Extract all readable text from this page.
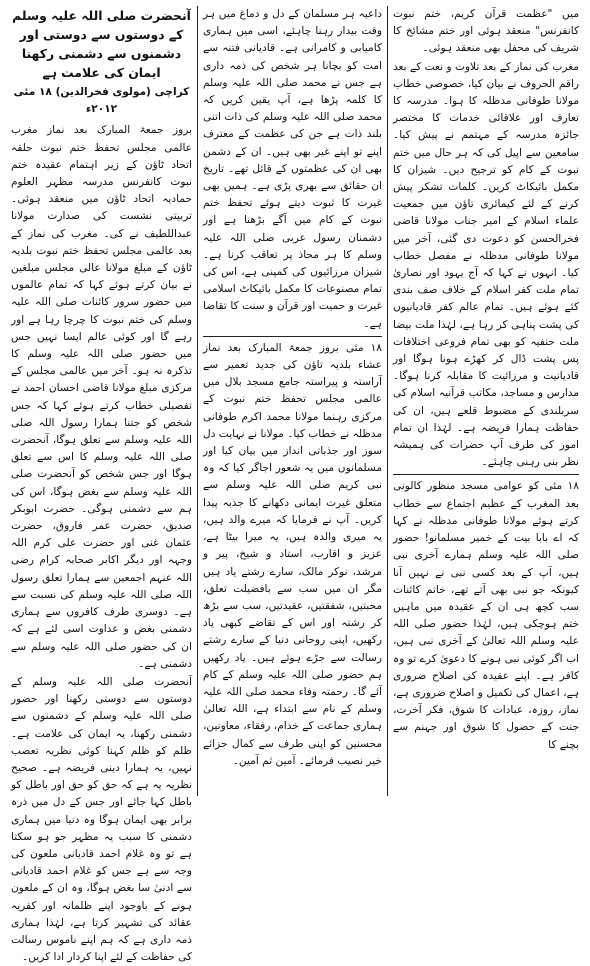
میں "عظمت قرآن کریم، ختم نبوت کانفرنس" منعقد ہوئی اور ختم مشائخ کا شریف کی محفل بھی منعقد ہوئی۔

مغرب کی نماز کے بعد تلاوت و نعت کے بعد راقم الحروف نے بیان کیا، خصوصی خطاب مولانا طوفانی مدظلہ کا ہوا۔ مدرسہ کا تعارف اور علاقائی خدمات کا مختصر جائزہ مدرسہ کے مہتمم نے پیش کیا۔ سامعین سے اپیل کی کہ ہر حال میں ختم نبوت کے کام کو ترجیح دیں۔ شیزان کا مکمل بائیکاٹ کریں۔ کلمات تشکر پیش کرنے کے لئے کیمائری تاؤن میں جمعیت علماء اسلام کے امیر جناب مولانا قاضی فخرالحسن کو دعوت دی گئی، آخر میں مولانا طوفانی مدظلہ نے مفصل خطاب کیا۔ انہوں نے کہا کہ آج یہود اور نصاریٰ تمام ملت کفر اسلام کے خلاف صف بندی کئے ہوئے ہیں۔ تمام عالم کفر قادیانیوں کی پشت پناہی کر رہا ہے، لہٰذا ملت بیضا ملت حنفیہ کو بھی تمام فروعی اختلافات پس پشت ڈال کر کھڑے ہونا ہوگا اور قادیانیت و مرزائیت کا مقابلہ کرنا ہوگا۔ مدارس و مساجد، مکاتب قرآنیہ اسلام کی سربلندی کے مضبوط قلعے ہیں، ان کی حفاظت ہمارا فریضہ ہے۔ لہٰذا ان تمام امور کی طرف آپ حضرات کی ہمیشہ نظر بنی رہنی چاہئے۔

۱۸ مئی کو عوامی مسجد منظور کالونی بعد المغرب کے عظیم اجتماع سے خطاب کرتے ہوئے مولانا طوفانی مدظلہ نے کہا کہ اے بابا بیت کے خمیر مسلمانو! حضور صلی اللہ علیہ وسلم ہمارے آخری نبی ہیں، آپ کے بعد کسی نبی نے نہیں آنا کیونکہ جو نبی بھی آتے تھے، خاتم کائنات سب کچھ ہی ان کے عقیدہ میں ماہیں ختم ہوچکی ہیں، لہٰذا حضور صلی اللہ علیہ وسلم اللہ تعالیٰ کے آخری نبی ہیں، اب اگر کوئی نبی ہونے کا دعویٰ کرے تو وہ کافر ہے۔ اپنے عقیدہ کی اصلاح ضروری ہے، اعمال کی تکمیل و اصلاح ضروری ہے، نماز، روزہ، عبادات کا شوق، فکر آخرت، جنت کے حصول کا شوق اور جہنم سے بچنے کا

داعیہ ہر مسلمان کے دل و دماغ میں ہر وقت بیدار رہنا چاہئے، اسی میں ہماری کامیابی و کامرانی ہے۔ قادیانی فتنہ سے امت کو بچانا ہر شخص کی ذمہ داری ہے جس نے محمد صلی اللہ علیہ وسلم کا کلمہ پڑھا ہے، آپ یقین کریں کہ محمد صلی اللہ علیہ وسلم کی ذات اتنی بلند ذات ہے جن کی عظمت کے معترف اپنے تو اپنے غیر بھی ہیں۔ ان کے دشمن بھی ان کی عظمتوں کے قائل تھے۔ تاریخ ان حقائق سے بھری پڑی ہے۔ ہمیں بھی غیرت کا ثبوت دیتے ہوئے تحفظ ختم نبوت کے کام میں آگے بڑھنا ہے اور دشمنان رسول عربی صلی اللہ علیہ وسلم کا ہر محاذ پر تعاقب کرنا ہے۔ شیزان مرزائیوں کی کمپنی ہے، اس کی تمام مصنوعات کا مکمل بائیکاٹ اسلامی غیرت و حمیت اور قرآن و سنت کا تقاضا ہے۔

۱۸ مئی بروز جمعۃ المبارک بعد نماز عشاء بلدیہ تاؤن کی جدید تعمیر سے آراستہ و پیراستہ جامع مسجد بلال میں عالمی مجلس تحفظ ختم نبوت کے مرکزی رہنما مولانا محمد اکرم طوفانی مدظلہ نے خطاب کیا۔ مولانا نے نہایت دل سوز اور جذباتی انداز میں بیان کیا اور مسلمانوں میں یہ شعور اجاگر کیا کہ وہ نبی کریم صلی اللہ علیہ وسلم سے متعلق غیرت ایمانی دکھانے کا جذبہ پیدا کریں۔ آپ نے فرمایا کہ میرے والد ہیں، یہ میری والدہ ہیں، یہ میرا بیٹا ہے، عزیز و اقارب، استاد و شیخ، پیر و مرشد، نوکر مالک، سارے رشتے یاد ہیں مگر ان میں سب سے بافضیلت تعلق، محبتیں، شفقتیں، عقیدتیں، سب سے بڑھ کر رشتہ اور اس کے تقاضے کبھی یاد رکھیں، اپنی روحانی دنیا کے سارے رشتے رسالت سے جڑے ہوئے ہیں۔ یاد رکھیں ہم حضور صلی اللہ علیہ وسلم کے کام آئے گا۔ رحمتہ وفاء محمد صلی اللہ علیہ وسلم کے نام سے ابتداء ہے، اللہ تعالیٰ ہماری جماعت کے خدام، رفقاء، معاونین، محسنین کو اپنی طرف سے کمال جزائے خیر نصیب فرمائے۔ آمین ثم آمین۔

آنحضرت صلی اللہ علیہ وسلم کے دوستوں سے دوستی اور
دشمنوں سے دشمنی رکھنا ایمان کی علامت ہے
کراچی (مولوی فخرالدین) ۱۸ مئی ۲۰۱۲ء

بروز جمعۃ المبارک بعد نماز مغرب عالمی مجلس تحفظ ختم نبوت حلقہ اتحاد ٹاؤن کے زیر اہتمام عقیدہ ختم نبوت کانفرنس مدرسہ مظہر العلوم حمادیہ اتحاد ٹاؤن میں منعقد ہوئی۔ تربیتی نشست کی صدارت مولانا عبداللطیف نے کی۔ مغرب کی نماز کے بعد عالمی مجلس تحفظ ختم نبوت بلدیہ ٹاؤن کے مبلغ مولانا عالی مجلس مبلغین نے بیان کرتے ہوئے کہا کہ تمام عالموں میں حضور سرور کائنات صلی اللہ علیہ وسلم کی ختم نبوت کا چرچا رہا ہے اور رہے گا اور کوئی عالم ایسا نہیں جس میں حضور صلی اللہ علیہ وسلم کا تذکرہ نہ ہو۔ آخر میں عالمی مجلس کے مرکزی مبلغ مولانا قاضی احسان احمد نے تفصیلی خطاب کرتے ہوئے کہا کہ جس شخص کو جتنا ہمارا رسول اللہ صلی اللہ علیہ وسلم سے تعلق ہوگا، آنحضرت صلی اللہ علیہ وسلم کا اس سے تعلق ہوگا اور جس شخص کو آنحضرت صلی اللہ علیہ وسلم سے بغض ہوگا، اس کی ہم سے دشمنی ہوگی۔ حضرت ابوبکر صدیق، حضرت عمر فاروق، حضرت عثمان غنی اور حضرت علی کرم اللہ وجہہ اور دیگر اکابر صحابہ کرام رضی اللہ عنہم اجمعین سے ہمارا تعلق رسول اللہ صلی اللہ علیہ وسلم کی نسبت سے ہے۔ دوسری طرف کافروں سے ہماری دشمنی بغض و عداوت اسی لئے ہے کہ ان کی حضور صلی اللہ علیہ وسلم سے دشمنی ہے۔

آنحضرت صلی اللہ علیہ وسلم کے دوستوں سے دوستی رکھنا اور حضور صلی اللہ علیہ وسلم کے دشمنوں سے دشمنی رکھنا، یہ ایمان کی علامت ہے۔ ظلم کو ظلم کہنا کوئی نظریہ تعصب نہیں، یہ ہمارا دینی فریضہ ہے۔ صحیح نظریہ یہ ہے کہ حق کو حق اور باطل کو باطل کہا جائے اور جس کے دل میں ذرہ برابر بھی ایمان ہوگا وہ دنیا میں ہماری دشمنی کا سبب یہ مظہر جو ہو سکتا ہے تو وہ غلام احمد قادیانی ملعون کی وجہ سے ہے جس کو غلام احمد قادیانی سے ادنیٰ سا بغض ہوگا، وہ ان کے ملعون ہونے کے باوجود اپنے ظلمانہ اور کفریہ عقائد کی تشہیر کرتا ہے، لہٰذا ہماری ذمہ داری ہے کہ ہم اپنے ناموس رسالت کی حفاظت کے لئے اپنا کردار ادا کریں۔
